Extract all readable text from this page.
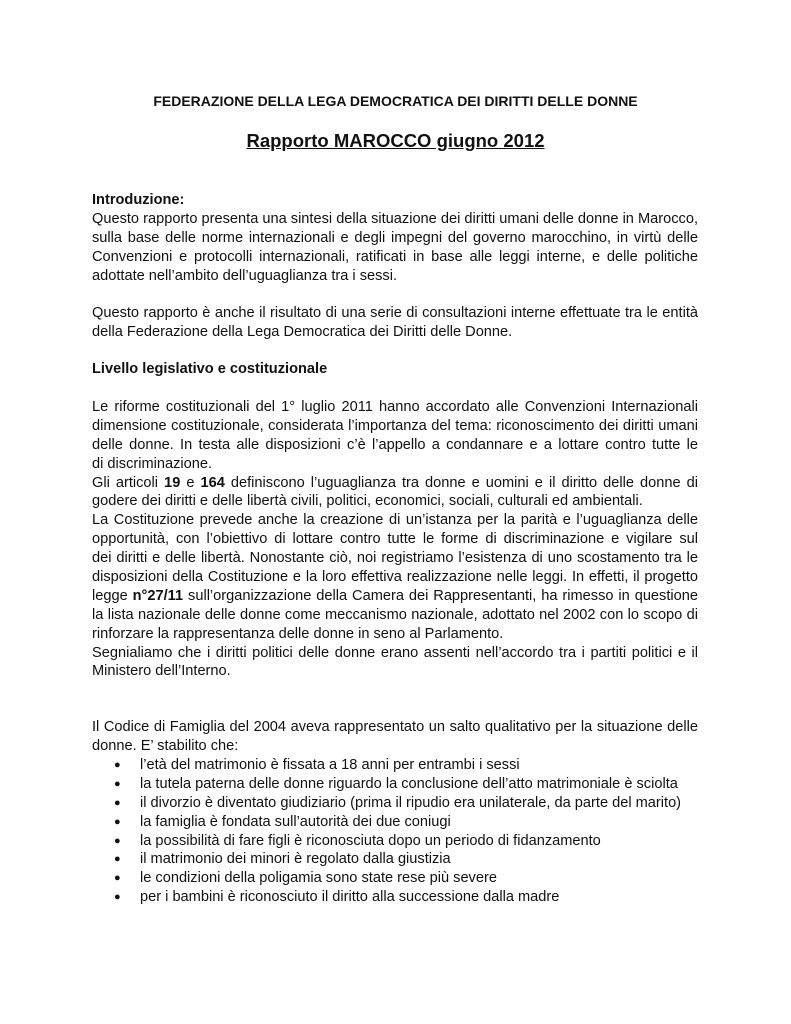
FEDERAZIONE DELLA LEGA DEMOCRATICA DEI DIRITTI DELLE DONNE
Rapporto MAROCCO giugno 2012
Introduzione:
Questo rapporto presenta una sintesi della situazione dei diritti umani delle donne in Marocco,
sulla base delle norme internazionali e degli impegni del governo marocchino, in virtù delle
Convenzioni e protocolli internazionali, ratificati in base alle leggi interne, e delle politiche
adottate nell’ambito dell’uguaglianza tra i sessi.
Questo rapporto è anche il risultato di una serie di consultazioni interne effettuate tra le entità
della Federazione della Lega Democratica dei Diritti delle Donne.
Livello legislativo e costituzionale
Le riforme costituzionali del 1° luglio 2011 hanno accordato alle Convenzioni Internazionali
dimensione costituzionale, considerata l’importanza del tema: riconoscimento dei diritti umani
delle donne. In testa alle disposizioni c’è l’appello a condannare e a lottare contro tutte le
di discriminazione.
Gli articoli 19 e 164 definiscono l’uguaglianza tra donne e uomini e il diritto delle donne di
godere dei diritti e delle libertà civili, politici, economici, sociali, culturali ed ambientali.
La Costituzione prevede anche la creazione di un’istanza per la parità e l’uguaglianza delle
opportunità, con l’obiettivo di lottare contro tutte le forme di discriminazione e vigilare sul
dei diritti e delle libertà. Nonostante ciò, noi registriamo l’esistenza di uno scostamento tra le
disposizioni della Costituzione e la loro effettiva realizzazione nelle leggi. In effetti, il progetto
legge n°27/11 sull’organizzazione della Camera dei Rappresentanti, ha rimesso in questione
la lista nazionale delle donne come meccanismo nazionale, adottato nel 2002 con lo scopo di
rinforzare la rappresentanza delle donne in seno al Parlamento.
Segnialiamo che i diritti politici delle donne erano assenti nell’accordo tra i partiti politici e il
Ministero dell’Interno.
Il Codice di Famiglia del 2004 aveva rappresentato un salto qualitativo per la situazione delle
donne. E’ stabilito che:
● l’età del matrimonio è fissata a 18 anni per entrambi i sessi
● la tutela paterna delle donne riguardo la conclusione dell’atto matrimoniale è sciolta
● il divorzio è diventato giudiziario (prima il ripudio era unilaterale, da parte del marito)
● la famiglia è fondata sull’autorità dei due coniugi
● la possibilità di fare figli è riconosciuta dopo un periodo di fidanzamento
● il matrimonio dei minori è regolato dalla giustizia
● le condizioni della poligamia sono state rese più severe
● per i bambini è riconosciuto il diritto alla successione dalla madre
